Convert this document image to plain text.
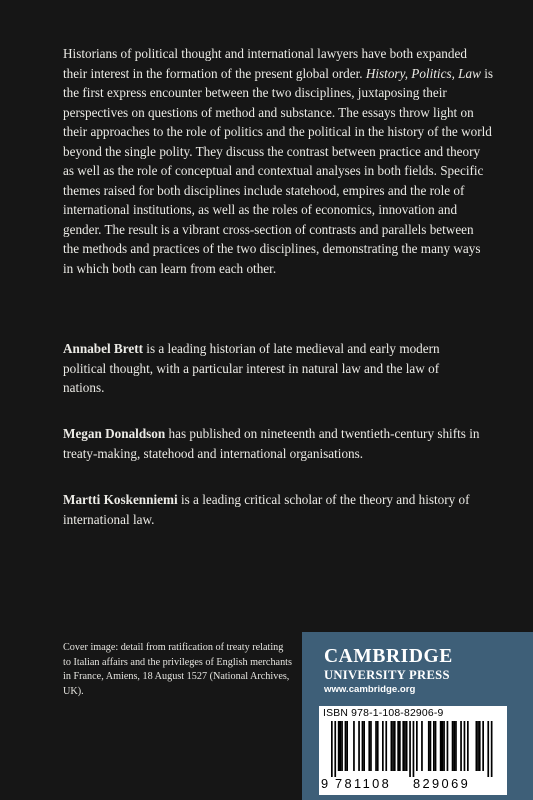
Historians of political thought and international lawyers have both expanded their interest in the formation of the present global order. History, Politics, Law is the first express encounter between the two disciplines, juxtaposing their perspectives on questions of method and substance. The essays throw light on their approaches to the role of politics and the political in the history of the world beyond the single polity. They discuss the contrast between practice and theory as well as the role of conceptual and contextual analyses in both fields. Specific themes raised for both disciplines include statehood, empires and the role of international institutions, as well as the roles of economics, innovation and gender. The result is a vibrant cross-section of contrasts and parallels between the methods and practices of the two disciplines, demonstrating the many ways in which both can learn from each other.

Annabel Brett is a leading historian of late medieval and early modern political thought, with a particular interest in natural law and the law of nations.

Megan Donaldson has published on nineteenth and twentieth-century shifts in treaty-making, statehood and international organisations.

Martti Koskenniemi is a leading critical scholar of the theory and history of international law.

Cover image: detail from ratification of treaty relating to Italian affairs and the privileges of English merchants in France, Amiens, 18 August 1527 (National Archives, UK).

CAMBRIDGE
UNIVERSITY PRESS
www.cambridge.org
ISBN 978-1-108-82906-9
9 781108 829069
